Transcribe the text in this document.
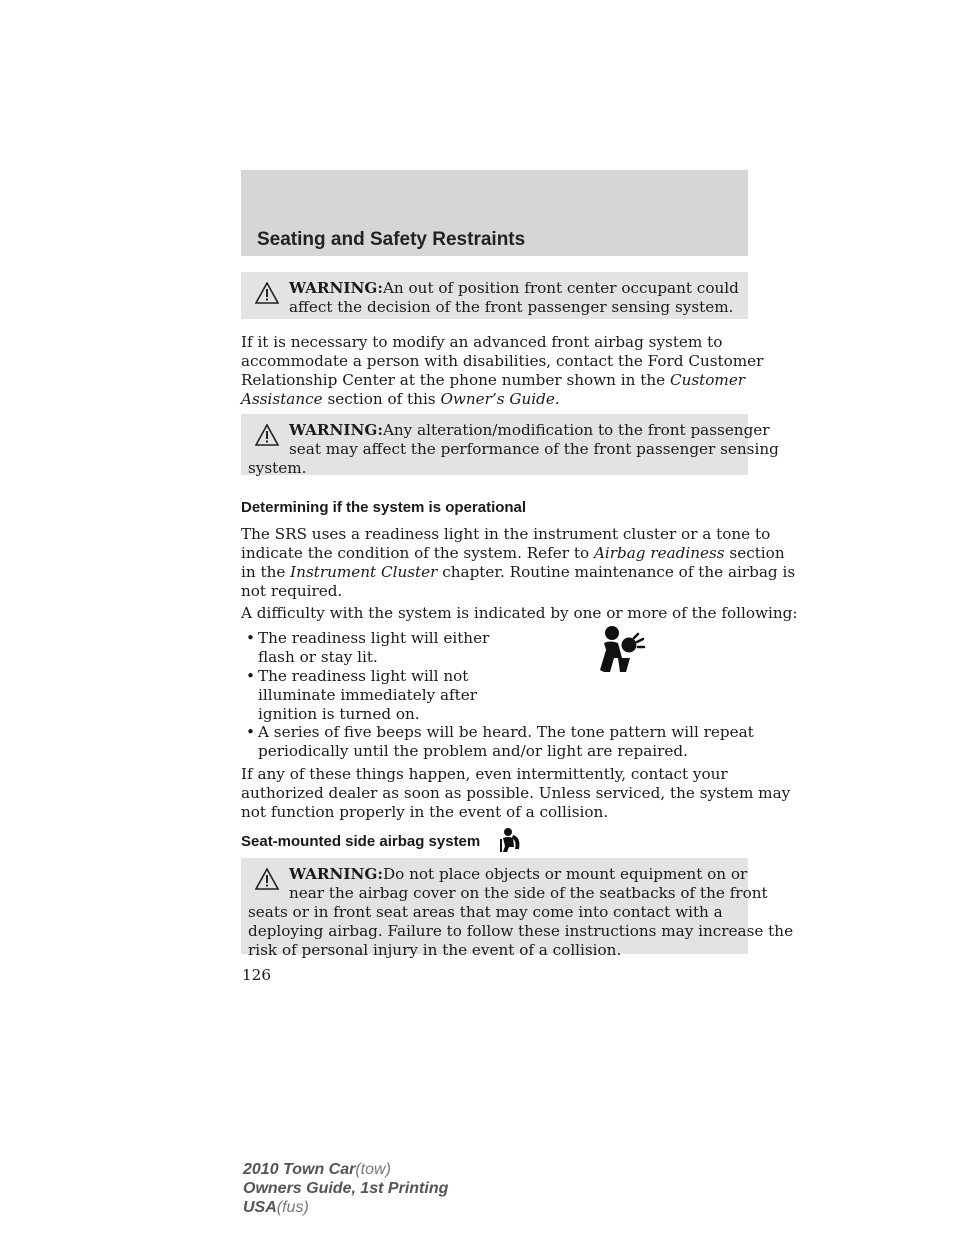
Seating and Safety Restraints

WARNING:An out of position front center occupant could

affect the decision of the front passenger sensing system.

If it is necessary to modify an advanced front airbag system to

accommodate a person with disabilities, contact the Ford Customer

Relationship Center at the phone number shown in the Customer

Assistance section of this Owner’s Guide.

WARNING:Any alteration/modification to the front passenger

seat may affect the performance of the front passenger sensing

system.

Determining if the system is operational

The SRS uses a readiness light in the instrument cluster or a tone to

indicate the condition of the system. Refer to Airbag readiness section

in the Instrument Cluster chapter. Routine maintenance of the airbag is

not required.

A difficulty with the system is indicated by one or more of the following:
• The readiness light will either
flash or stay lit.
• The readiness light will not
illuminate immediately after
ignition is turned on.
• A series of five beeps will be heard. The tone pattern will repeat
periodically until the problem and/or light are repaired.

If any of these things happen, even intermittently, contact your

authorized dealer as soon as possible. Unless serviced, the system may

not function properly in the event of a collision.

Seat-mounted side airbag system

WARNING:Do not place objects or mount equipment on or

near the airbag cover on the side of the seatbacks of the front

seats or in front seat areas that may come into contact with a

deploying airbag. Failure to follow these instructions may increase the

risk of personal injury in the event of a collision.

126
2010 Town Car(tow)
Owners Guide, 1st Printing
USA(fus)
